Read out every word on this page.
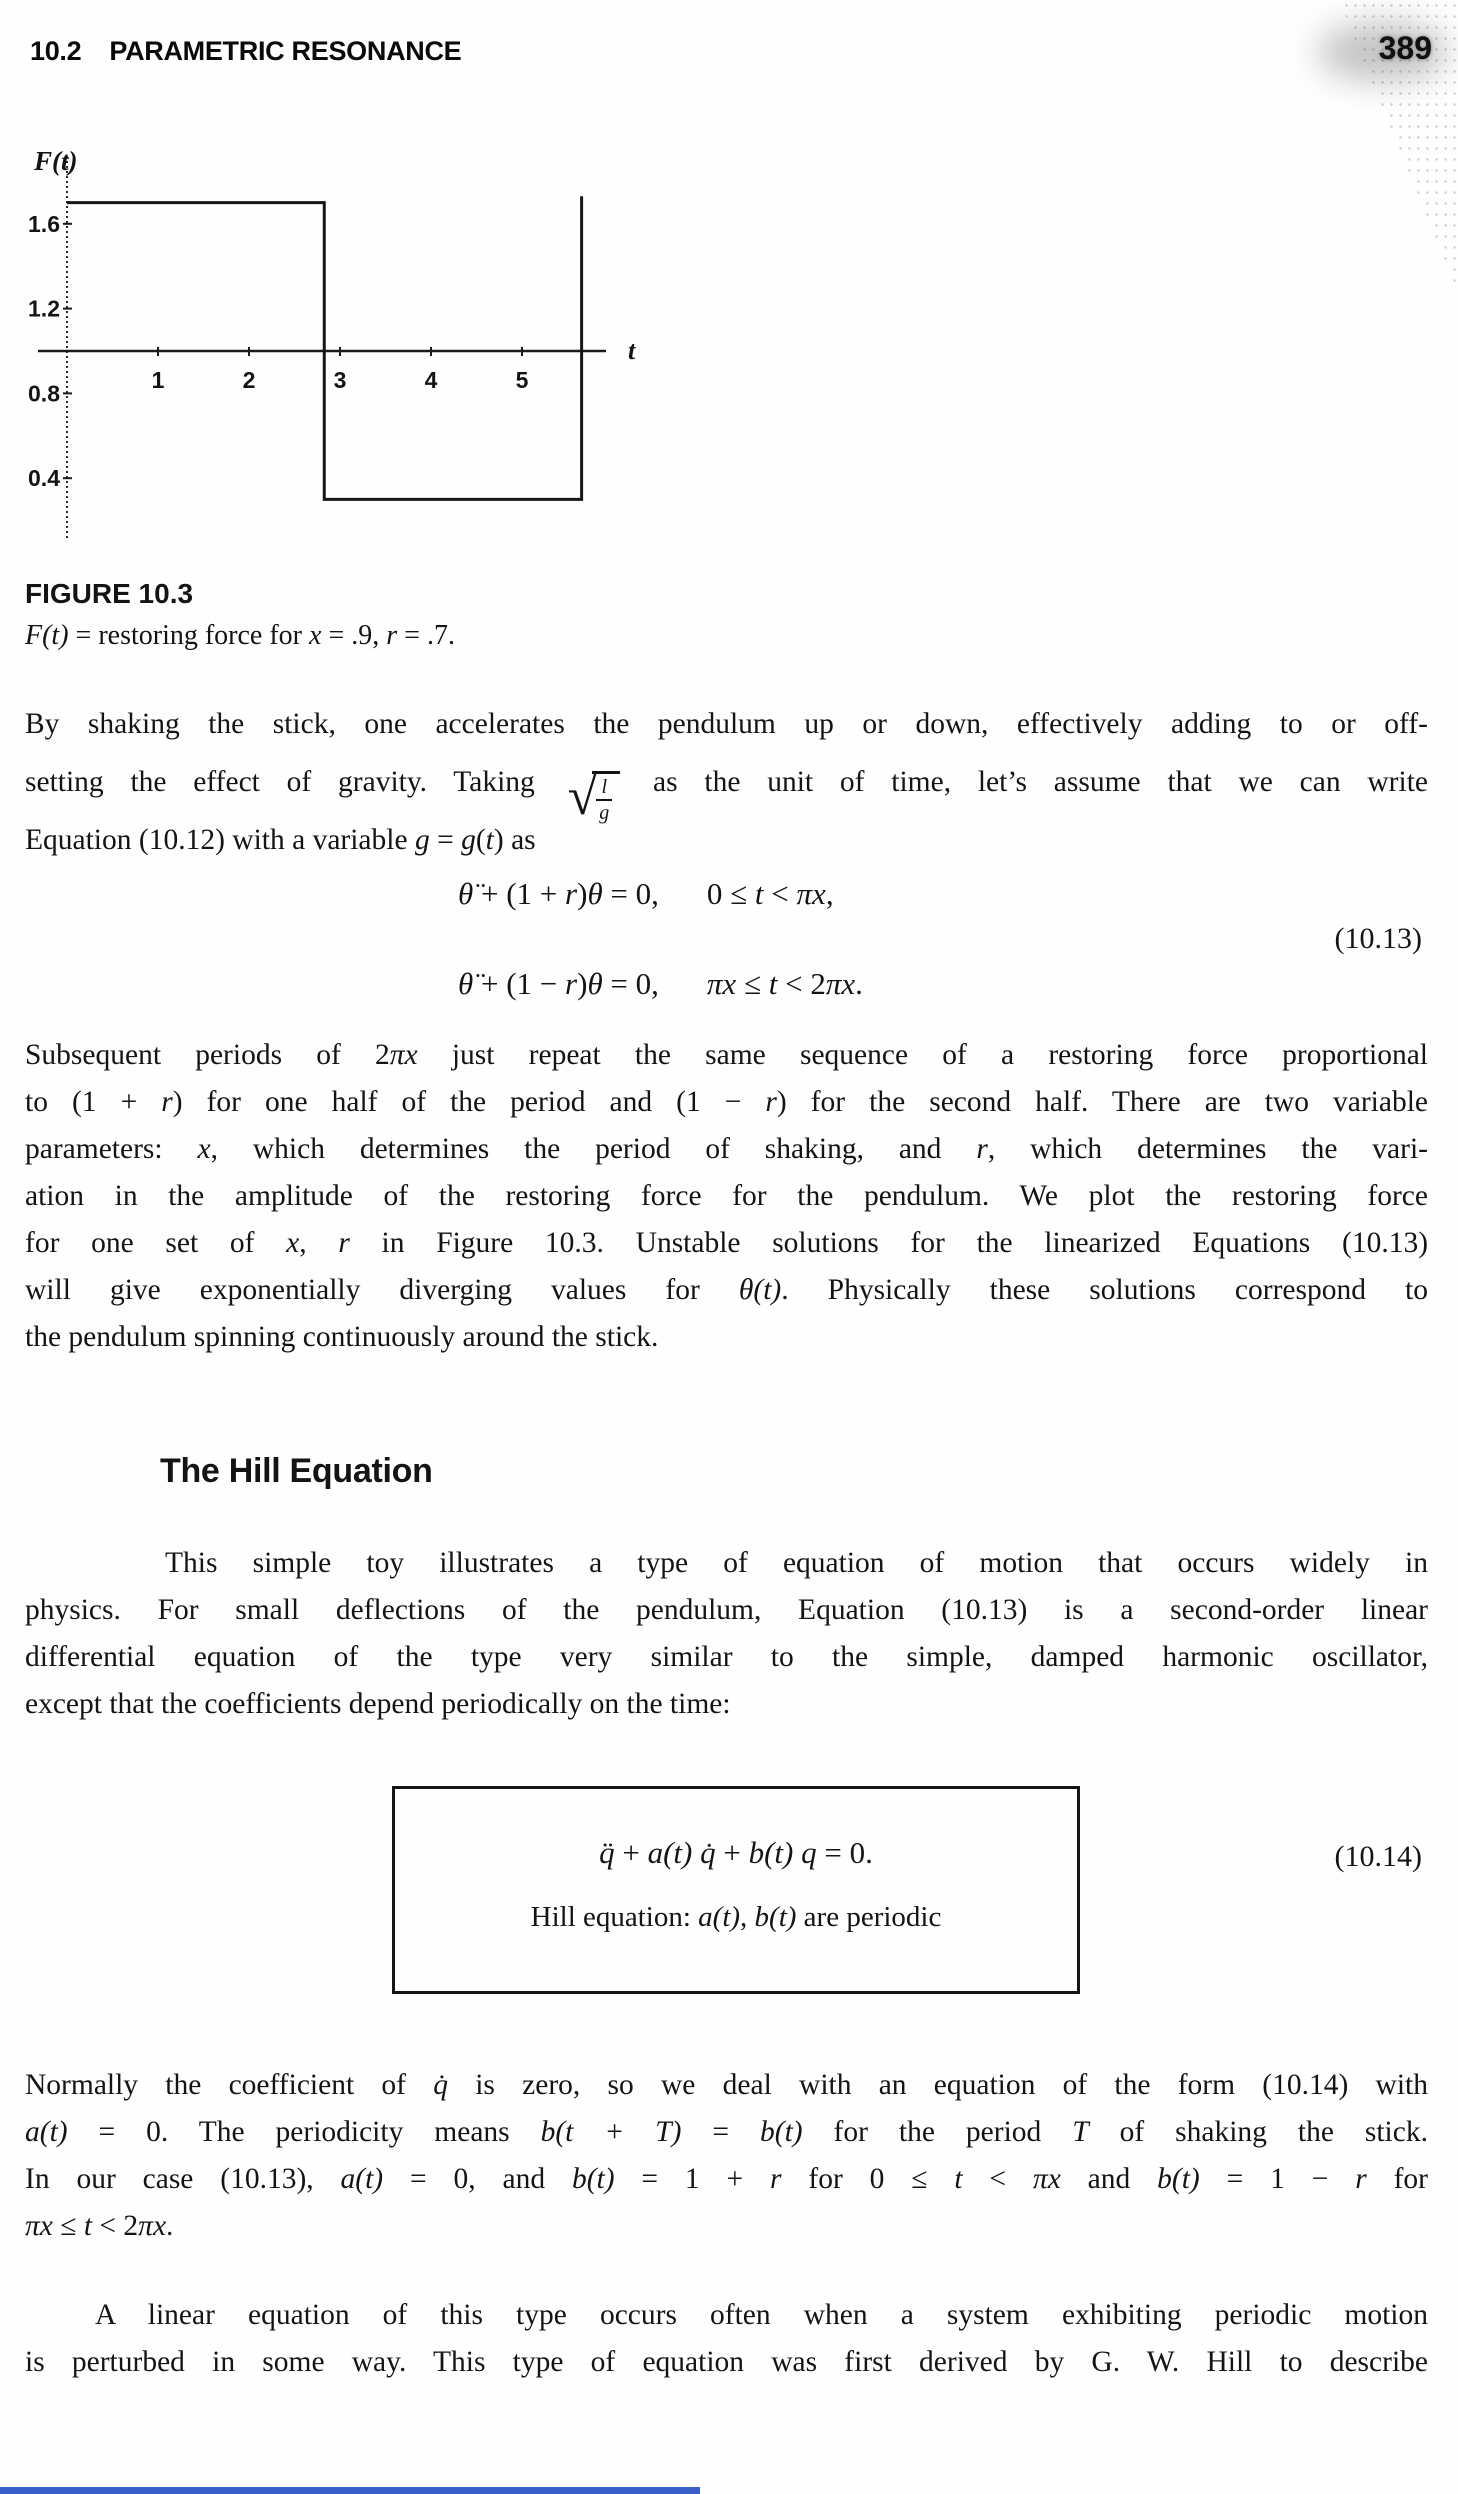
10.2 PARAMETRIC RESONANCE	389
1	2	3	4	5
1.6
1.2
0.8
0.4
F(t)
t
FIGURE 10.3
F(t) = restoring force for x = .9, r = .7.
By shaking the stick, one accelerates the pendulum up or down, effectively adding to or off-
setting the effect of gravity. Taking √ l
g
as the unit of time, let’s assume that we can write
Equation (10.12) with a variable g = g(t) as
θ̈ + (1 + r)θ = 0, 0 ≤ t < πx,
θ̈ + (1 − r)θ = 0, πx ≤ t < 2πx.
(10.13)
Subsequent periods of 2πx just repeat the same sequence of a restoring force proportional
to (1 + r) for one half of the period and (1 − r) for the second half. There are two variable
parameters: x, which determines the period of shaking, and r, which determines the vari-
ation in the amplitude of the restoring force for the pendulum. We plot the restoring force
for one set of x, r in Figure 10.3. Unstable solutions for the linearized Equations (10.13)
will give exponentially diverging values for θ(t). Physically these solutions correspond to
the pendulum spinning continuously around the stick.
The Hill Equation
This simple toy illustrates a type of equation of motion that occurs widely in
physics. For small deflections of the pendulum, Equation (10.13) is a second-order linear
differential equation of the type very similar to the simple, damped harmonic oscillator,
except that the coefficients depend periodically on the time:
q̈ + a(t) q̇ + b(t) q = 0.
Hill equation: a(t), b(t) are periodic
(10.14)
Normally the coefficient of q̇ is zero, so we deal with an equation of the form (10.14) with
a(t) = 0. The periodicity means b(t + T) = b(t) for the period T of shaking the stick.
In our case (10.13), a(t) = 0, and b(t) = 1 + r for 0 ≤ t < πx and b(t) = 1 − r for
πx ≤ t < 2πx.
A linear equation of this type occurs often when a system exhibiting periodic motion
is perturbed in some way. This type of equation was first derived by G. W. Hill to describe
